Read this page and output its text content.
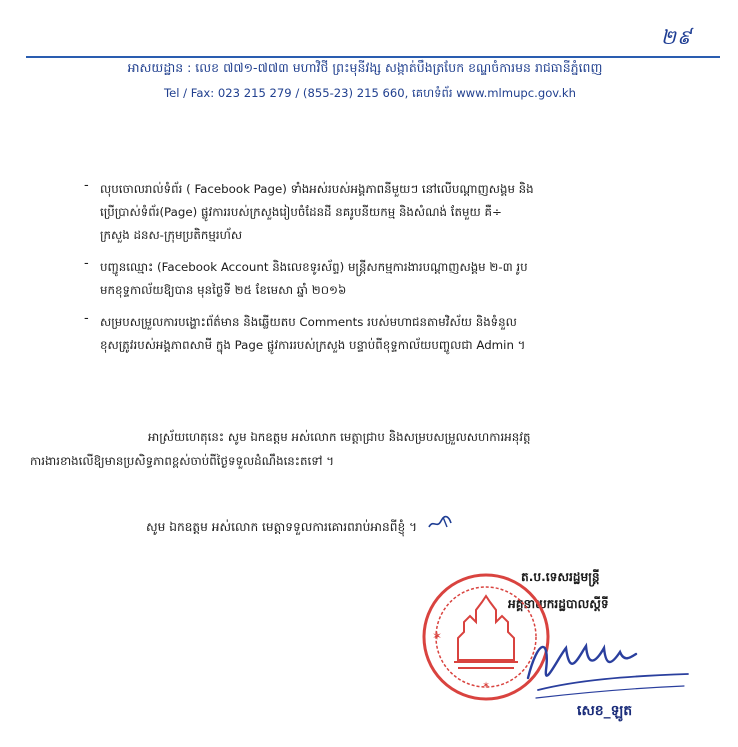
២៩
អាសយដ្ឋាន : លេខ ៧៧១-៧៧៣ មហាវិថី ព្រះមុនីវង្ស សង្កាត់បឹងត្របែក ខណ្ឌចំការមន រាជធានីភ្នំពេញ
Tel / Fax: 023 215 279 / (855-23) 215 660, គេហទំព័រ www.mlmupc.gov.kh
- លុបចោលរាល់ទំព័រ ( Facebook Page) ទាំងអស់របស់អង្គភាពនីមួយៗ នៅលើបណ្តាញសង្គម និង
ប្រើប្រាស់ទំព័រ(Page) ផ្លូវការរបស់ក្រសួងរៀបចំដែនដី នគរូបនីយកម្ម និងសំណង់ តែមួយ គឺ÷
ក្រសួង ដនស-ក្រុមប្រតិកម្មរហ័ស
- បញ្ជូនឈ្មោះ (Facebook Account និងលេខទូរស័ព្ទ) មន្ត្រីសកម្មការងារបណ្តាញសង្គម ២-៣ រូប
មកខុទ្ទកាល័យឱ្យបាន មុនថ្ងៃទី ២៥ ខែមេសា ឆ្នាំ ២០១៦
- សម្របសម្រួលការបង្ហោះព័ត៌មាន និងឆ្លើយតប Comments របស់មហាជនតាមវិស័យ និងទំនួល
ខុសត្រូវរបស់អង្គភាពសាមី ក្នុង Page ផ្លូវការរបស់ក្រសួង បន្ទាប់ពីខុទ្ទកាល័យបញ្ចូលជា Admin ។
អាស្រ័យហេតុនេះ សូម ឯកឧត្តម អស់លោក មេត្តាជ្រាប និងសម្របសម្រួលសហការអនុវត្ត
ការងារខាងលើឱ្យមានប្រសិទ្ធភាពខ្ពស់ចាប់ពីថ្ងៃទទួលដំណឹងនេះតទៅ ។
សូម ឯកឧត្តម អស់លោក មេត្តាទទួលការគោរពរាប់អានពីខ្ញុំ ។
ត.ប.ទេសរដ្ឋមន្ត្រី
អគ្គនាយករដ្ឋបាលស្តីទី
✶
✶
សេខ_ឡូត
